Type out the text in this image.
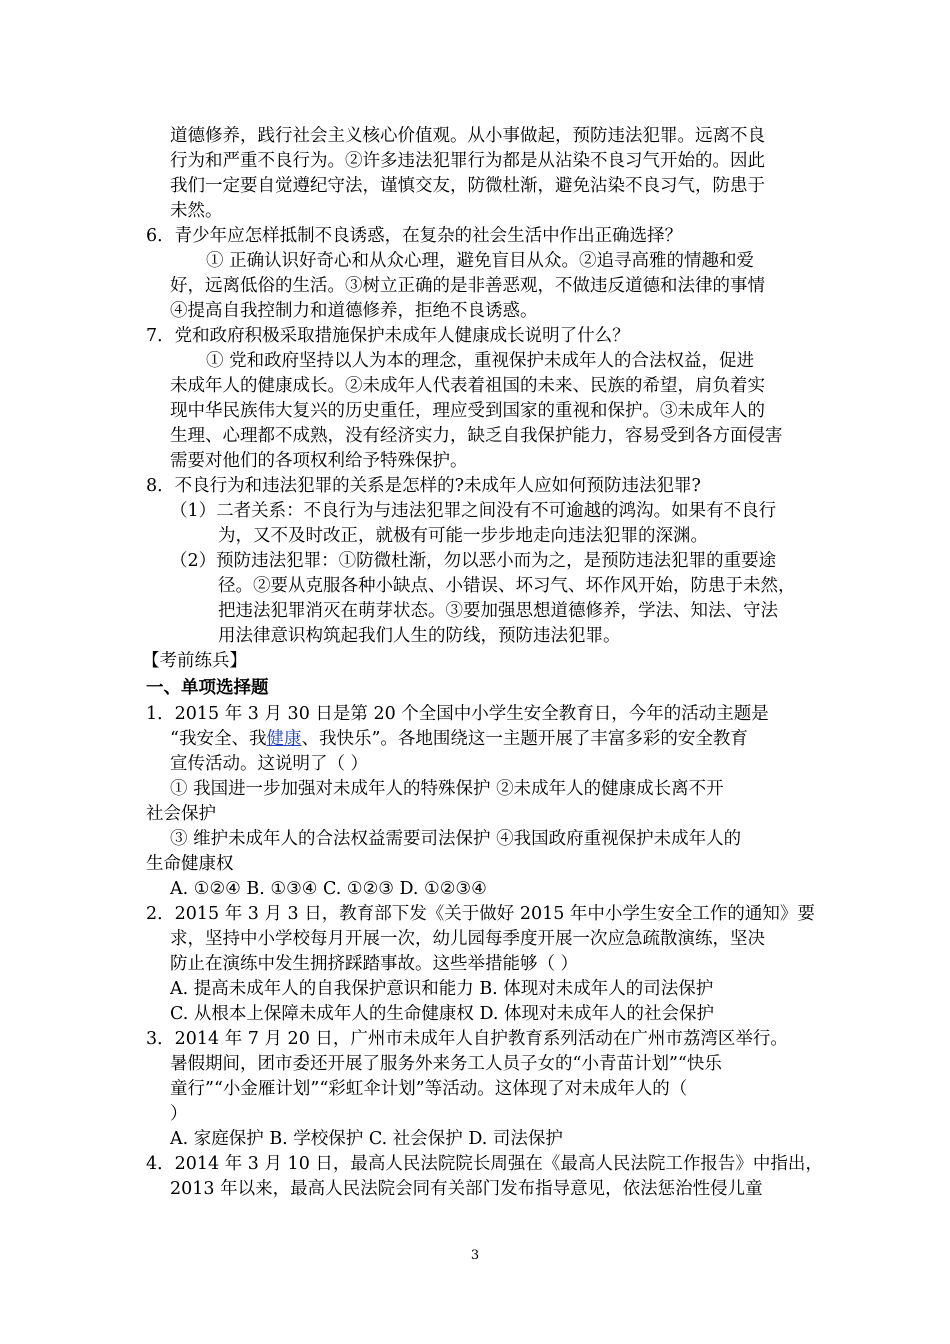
道德修养，践行社会主义核心价值观。从小事做起，预防违法犯罪。远离不良
行为和严重不良行为。②许多违法犯罪行为都是从沾染不良习气开始的。因此
我们一定要自觉遵纪守法，谨慎交友，防微杜渐，避免沾染不良习气，防患于
未然。
6．青少年应怎样抵制不良诱惑，在复杂的社会生活中作出正确选择？
① 正确认识好奇心和从众心理，避免盲目从众。②追寻高雅的情趣和爱
好，远离低俗的生活。③树立正确的是非善恶观，不做违反道德和法律的事情
④提高自我控制力和道德修养，拒绝不良诱惑。
7．党和政府积极采取措施保护未成年人健康成长说明了什么？
① 党和政府坚持以人为本的理念，重视保护未成年人的合法权益，促进
未成年人的健康成长。②未成年人代表着祖国的未来、民族的希望，肩负着实
现中华民族伟大复兴的历史重任，理应受到国家的重视和保护。③未成年人的
生理、心理都不成熟，没有经济实力，缺乏自我保护能力，容易受到各方面侵害
需要对他们的各项权利给予特殊保护。
8．不良行为和违法犯罪的关系是怎样的?未成年人应如何预防违法犯罪?
（1）二者关系：不良行为与违法犯罪之间没有不可逾越的鸿沟。如果有不良行
为，又不及时改正，就极有可能一步步地走向违法犯罪的深渊。
（2）预防违法犯罪：①防微杜渐，勿以恶小而为之，是预防违法犯罪的重要途
径。②要从克服各种小缺点、小错误、坏习气、坏作风开始，防患于未然，
把违法犯罪消灭在萌芽状态。③要加强思想道德修养，学法、知法、守法
用法律意识构筑起我们人生的防线，预防违法犯罪。
【考前练兵】
一、单项选择题
1．2015 年 3 月 30 日是第 20 个全国中小学生安全教育日，今年的活动主题是
“我安全、我健康、我快乐”。各地围绕这一主题开展了丰富多彩的安全教育
宣传活动。这说明了（ ）
① 我国进一步加强对未成年人的特殊保护 ②未成年人的健康成长离不开
社会保护
③ 维护未成年人的合法权益需要司法保护 ④我国政府重视保护未成年人的
生命健康权
A. ①②④ B. ①③④ C. ①②③ D. ①②③④
2．2015 年 3 月 3 日，教育部下发《关于做好 2015 年中小学生安全工作的通知》要
求，坚持中小学校每月开展一次，幼儿园每季度开展一次应急疏散演练，坚决
防止在演练中发生拥挤踩踏事故。这些举措能够（ ）
A. 提高未成年人的自我保护意识和能力 B. 体现对未成年人的司法保护
C. 从根本上保障未成年人的生命健康权 D. 体现对未成年人的社会保护
3．2014 年 7 月 20 日，广州市未成年人自护教育系列活动在广州市荔湾区举行。
暑假期间，团市委还开展了服务外来务工人员子女的“小青苗计划”“快乐
童行”“小金雁计划”“彩虹伞计划”等活动。这体现了对未成年人的（
）
A. 家庭保护 B. 学校保护 C. 社会保护 D. 司法保护
4．2014 年 3 月 10 日，最高人民法院院长周强在《最高人民法院工作报告》中指出，
2013 年以来，最高人民法院会同有关部门发布指导意见，依法惩治性侵儿童
3
